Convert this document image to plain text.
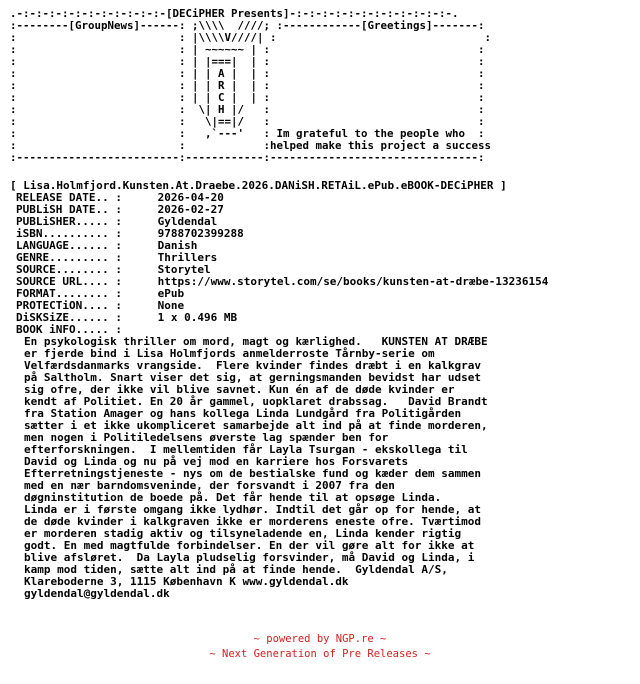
.-:-:-:-:-:-:-:-:-:-:-:-[DECiPHER Presents]-:-:-:-:-:-:-:-:-:-:-:-:-.
:--------[GroupNews]------: ;\\\\  ////; :------------[Greetings]-------:
:                         : |\\\\V////| :                                :
:                         : | ~~~~~~ | :                                :
:                         : | |===|  | :                                :
:                         : | | A |  | :                                :
:                         : | | R |  | :                                :
:                         : | | C |  | :                                :
:                         :  \| H |/   :                                :
:                         :   \|==|/   :                                :
:                         :   ,`---'   : Im grateful to the people who  :
:                         :            :helped make this project a success
:-------------------------:------------:--------------------------------:
[ Lisa.Holmfjord.Kunsten.At.Draebe.2026.DANiSH.RETAiL.ePub.eBOOK-DECiPHER ]
RELEASE DATE.. :	2026-04-20
PUBLiSH DATE.. :	2026-02-27
PUBLiSHER..... :	Gyldendal
iSBN.......... :	9788702399288
LANGUAGE...... :	Danish
GENRE......... :	Thrillers
SOURCE........ :	Storytel
SOURCE URL.... :	https://www.storytel.com/se/books/kunsten-at-dræbe-13236154
FORMAT........ :	ePub
PROTECTiON.... :	None
DiSKSiZE...... :	1 x 0.496 MB
BOOK iNFO..... :
En psykologisk thriller om mord, magt og kærlighed.   KUNSTEN AT DRÆBE
er fjerde bind i Lisa Holmfjords anmelderroste Tårnby-serie om
Velfærdsdanmarks vrangside.  Flere kvinder findes dræbt i en kalkgrav
på Saltholm. Snart viser det sig, at gerningsmanden bevidst har udset
sig ofre, der ikke vil blive savnet. Kun én af de døde kvinder er
kendt af Politiet. En 20 år gammel, uopklaret drabssag.   David Brandt
fra Station Amager og hans kollega Linda Lundgård fra Politigården
sætter i et ikke ukompliceret samarbejde alt ind på at finde morderen,
men nogen i Politiledelsens øverste lag spænder ben for
efterforskningen.  I mellemtiden får Layla Tsurgan - ekskollega til
David og Linda og nu på vej mod en karriere hos Forsvarets
Efterretningstjeneste - nys om de bestialske fund og kæder dem sammen
med en nær barndomsveninde, der forsvandt i 2007 fra den
døgninstitution de boede på. Det får hende til at opsøge Linda.
Linda er i første omgang ikke lydhør. Indtil det går op for hende, at
de døde kvinder i kalkgraven ikke er morderens eneste ofre. Tværtimod
er morderen stadig aktiv og tilsyneladende en, Linda kender rigtig
godt. En med magtfulde forbindelser. En der vil gøre alt for ikke at
blive afsløret.  Da Layla pludselig forsvinder, må David og Linda, i
kamp mod tiden, sætte alt ind på at finde hende.  Gyldendal A/S,
Klareboderne 3, 1115 København K www.gyldendal.dk
gyldendal@gyldendal.dk
~ powered by NGP.re ~
~ Next Generation of Pre Releases ~
